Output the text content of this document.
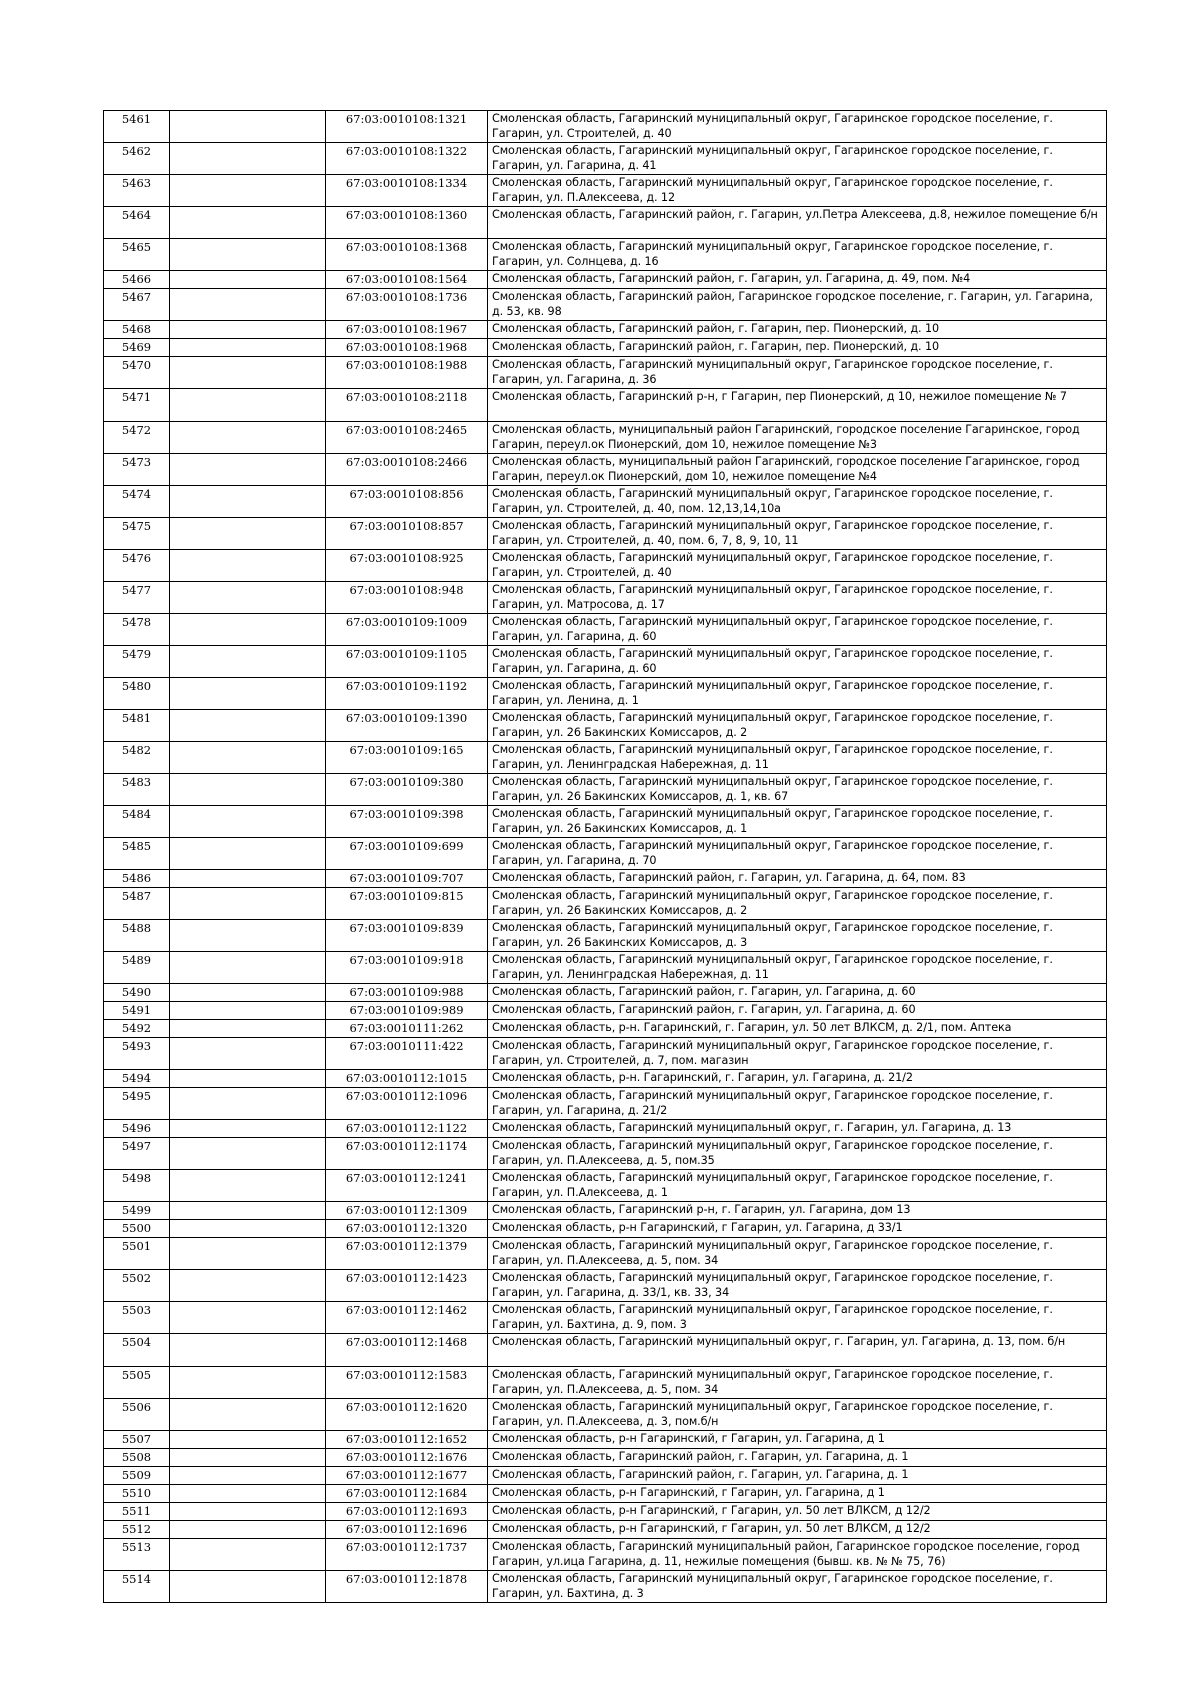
5461		67:03:0010108:1321	Смоленская область, Гагаринский муниципальный округ, Гагаринское городское поселение, г. Гагарин, ул. Строителей, д. 40
5462		67:03:0010108:1322	Смоленская область, Гагаринский муниципальный округ, Гагаринское городское поселение, г. Гагарин, ул. Гагарина, д. 41
5463		67:03:0010108:1334	Смоленская область, Гагаринский муниципальный округ, Гагаринское городское поселение, г. Гагарин, ул. П.Алексеева, д. 12
5464		67:03:0010108:1360	Смоленская область, Гагаринский район, г. Гагарин, ул.Петра Алексеева, д.8, нежилое помещение б/н
5465		67:03:0010108:1368	Смоленская область, Гагаринский муниципальный округ, Гагаринское городское поселение, г. Гагарин, ул. Солнцева, д. 16
5466		67:03:0010108:1564	Смоленская область, Гагаринский район, г. Гагарин, ул. Гагарина, д. 49, пом. №4
5467		67:03:0010108:1736	Смоленская область, Гагаринский район, Гагаринское городское поселение, г. Гагарин, ул. Гагарина, д. 53, кв. 98
5468		67:03:0010108:1967	Смоленская область, Гагаринский район, г. Гагарин, пер. Пионерский, д. 10
5469		67:03:0010108:1968	Смоленская область, Гагаринский район, г. Гагарин, пер. Пионерский, д. 10
5470		67:03:0010108:1988	Смоленская область, Гагаринский муниципальный округ, Гагаринское городское поселение, г. Гагарин, ул. Гагарина, д. 36
5471		67:03:0010108:2118	Смоленская область, Гагаринский р-н, г Гагарин, пер Пионерский, д 10, нежилое помещение № 7
5472		67:03:0010108:2465	Смоленская область, муниципальный район Гагаринский, городское поселение Гагаринское, город Гагарин, переул.ок Пионерский, дом 10, нежилое помещение №3
5473		67:03:0010108:2466	Смоленская область, муниципальный район Гагаринский, городское поселение Гагаринское, город Гагарин, переул.ок Пионерский, дом 10, нежилое помещение №4
5474		67:03:0010108:856	Смоленская область, Гагаринский муниципальный округ, Гагаринское городское поселение, г. Гагарин, ул. Строителей, д. 40, пом. 12,13,14,10а
5475		67:03:0010108:857	Смоленская область, Гагаринский муниципальный округ, Гагаринское городское поселение, г. Гагарин, ул. Строителей, д. 40, пом. 6, 7, 8, 9, 10, 11
5476		67:03:0010108:925	Смоленская область, Гагаринский муниципальный округ, Гагаринское городское поселение, г. Гагарин, ул. Строителей, д. 40
5477		67:03:0010108:948	Смоленская область, Гагаринский муниципальный округ, Гагаринское городское поселение, г. Гагарин, ул. Матросова, д. 17
5478		67:03:0010109:1009	Смоленская область, Гагаринский муниципальный округ, Гагаринское городское поселение, г. Гагарин, ул. Гагарина, д. 60
5479		67:03:0010109:1105	Смоленская область, Гагаринский муниципальный округ, Гагаринское городское поселение, г. Гагарин, ул. Гагарина, д. 60
5480		67:03:0010109:1192	Смоленская область, Гагаринский муниципальный округ, Гагаринское городское поселение, г. Гагарин, ул. Ленина, д. 1
5481		67:03:0010109:1390	Смоленская область, Гагаринский муниципальный округ, Гагаринское городское поселение, г. Гагарин, ул. 26 Бакинских Комиссаров, д. 2
5482		67:03:0010109:165	Смоленская область, Гагаринский муниципальный округ, Гагаринское городское поселение, г. Гагарин, ул. Ленинградская Набережная, д. 11
5483		67:03:0010109:380	Смоленская область, Гагаринский муниципальный округ, Гагаринское городское поселение, г. Гагарин, ул. 26 Бакинских Комиссаров, д. 1, кв. 67
5484		67:03:0010109:398	Смоленская область, Гагаринский муниципальный округ, Гагаринское городское поселение, г. Гагарин, ул. 26 Бакинских Комиссаров, д. 1
5485		67:03:0010109:699	Смоленская область, Гагаринский муниципальный округ, Гагаринское городское поселение, г. Гагарин, ул. Гагарина, д. 70
5486		67:03:0010109:707	Смоленская область, Гагаринский район, г. Гагарин, ул. Гагарина, д. 64, пом. 83
5487		67:03:0010109:815	Смоленская область, Гагаринский муниципальный округ, Гагаринское городское поселение, г. Гагарин, ул. 26 Бакинских Комиссаров, д. 2
5488		67:03:0010109:839	Смоленская область, Гагаринский муниципальный округ, Гагаринское городское поселение, г. Гагарин, ул. 26 Бакинских Комиссаров, д. 3
5489		67:03:0010109:918	Смоленская область, Гагаринский муниципальный округ, Гагаринское городское поселение, г. Гагарин, ул. Ленинградская Набережная, д. 11
5490		67:03:0010109:988	Смоленская область, Гагаринский район, г. Гагарин, ул. Гагарина, д. 60
5491		67:03:0010109:989	Смоленская область, Гагаринский район, г. Гагарин, ул. Гагарина, д. 60
5492		67:03:0010111:262	Смоленская область, р-н. Гагаринский, г. Гагарин, ул. 50 лет ВЛКСМ, д. 2/1, пом. Аптека
5493		67:03:0010111:422	Смоленская область, Гагаринский муниципальный округ, Гагаринское городское поселение, г. Гагарин, ул. Строителей, д. 7, пом. магазин
5494		67:03:0010112:1015	Смоленская область, р-н. Гагаринский, г. Гагарин, ул. Гагарина, д. 21/2
5495		67:03:0010112:1096	Смоленская область, Гагаринский муниципальный округ, Гагаринское городское поселение, г. Гагарин, ул. Гагарина, д. 21/2
5496		67:03:0010112:1122	Смоленская область, Гагаринский муниципальный округ, г. Гагарин, ул. Гагарина, д. 13
5497		67:03:0010112:1174	Смоленская область, Гагаринский муниципальный округ, Гагаринское городское поселение, г. Гагарин, ул. П.Алексеева, д. 5, пом.35
5498		67:03:0010112:1241	Смоленская область, Гагаринский муниципальный округ, Гагаринское городское поселение, г. Гагарин, ул. П.Алексеева, д. 1
5499		67:03:0010112:1309	Смоленская область, Гагаринский р-н, г. Гагарин, ул. Гагарина, дом 13
5500		67:03:0010112:1320	Смоленская область, р-н Гагаринский, г Гагарин, ул. Гагарина, д 33/1
5501		67:03:0010112:1379	Смоленская область, Гагаринский муниципальный округ, Гагаринское городское поселение, г. Гагарин, ул. П.Алексеева, д. 5, пом. 34
5502		67:03:0010112:1423	Смоленская область, Гагаринский муниципальный округ, Гагаринское городское поселение, г. Гагарин, ул. Гагарина, д. 33/1, кв. 33, 34
5503		67:03:0010112:1462	Смоленская область, Гагаринский муниципальный округ, Гагаринское городское поселение, г. Гагарин, ул. Бахтина, д. 9, пом. 3
5504		67:03:0010112:1468	Смоленская область, Гагаринский муниципальный округ, г. Гагарин, ул. Гагарина, д. 13, пом. б/н
5505		67:03:0010112:1583	Смоленская область, Гагаринский муниципальный округ, Гагаринское городское поселение, г. Гагарин, ул. П.Алексеева, д. 5, пом. 34
5506		67:03:0010112:1620	Смоленская область, Гагаринский муниципальный округ, Гагаринское городское поселение, г. Гагарин, ул. П.Алексеева, д. 3, пом.б/н
5507		67:03:0010112:1652	Смоленская область, р-н Гагаринский, г Гагарин, ул. Гагарина, д 1
5508		67:03:0010112:1676	Смоленская область, Гагаринский район, г. Гагарин, ул. Гагарина, д. 1
5509		67:03:0010112:1677	Смоленская область, Гагаринский район, г. Гагарин, ул. Гагарина, д. 1
5510		67:03:0010112:1684	Смоленская область, р-н Гагаринский, г Гагарин, ул. Гагарина, д 1
5511		67:03:0010112:1693	Смоленская область, р-н Гагаринский, г Гагарин, ул. 50 лет ВЛКСМ, д 12/2
5512		67:03:0010112:1696	Смоленская область, р-н Гагаринский, г Гагарин, ул. 50 лет ВЛКСМ, д 12/2
5513		67:03:0010112:1737	Смоленская область, Гагаринский муниципальный район, Гагаринское городское поселение, город Гагарин, ул.ица Гагарина, д. 11, нежилые помещения (бывш. кв. № № 75, 76)
5514		67:03:0010112:1878	Смоленская область, Гагаринский муниципальный округ, Гагаринское городское поселение, г. Гагарин, ул. Бахтина, д. 3
